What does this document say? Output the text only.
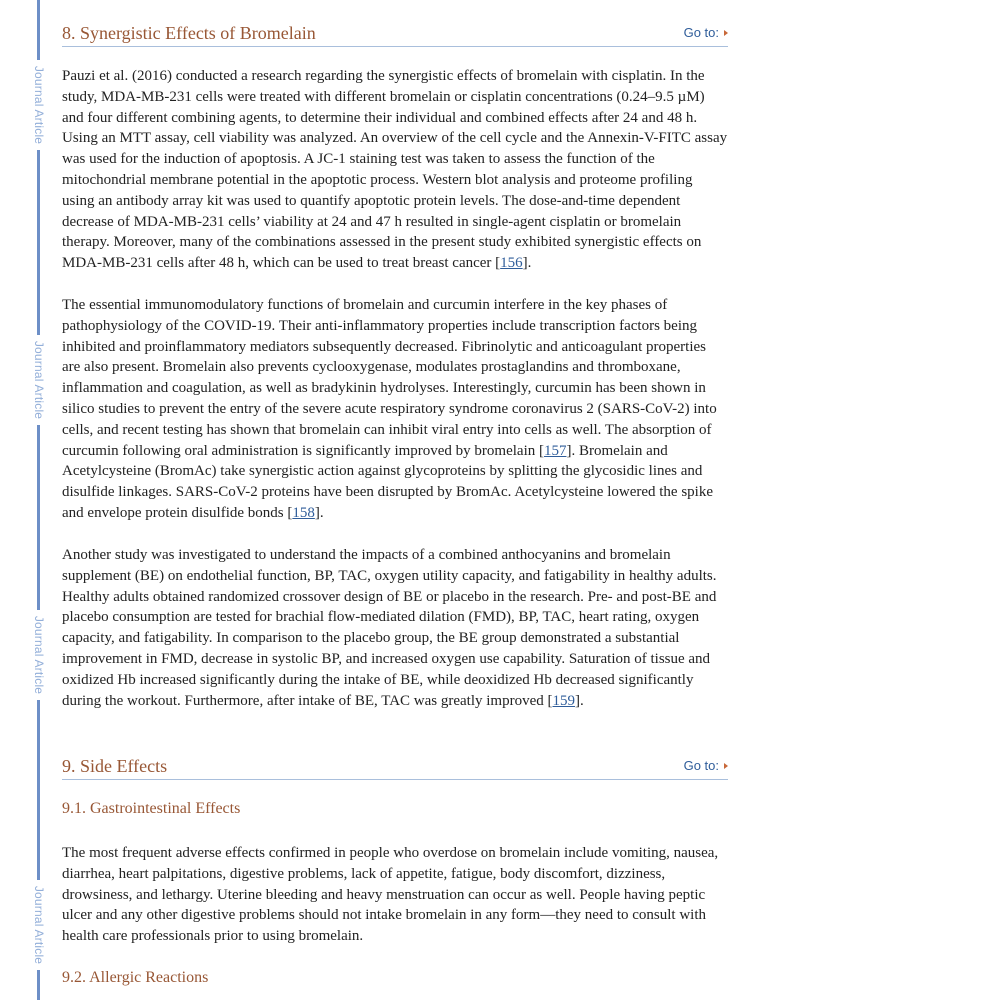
Journal Article
Journal Article
Journal Article
Journal Article
8. Synergistic Effects of Bromelain	Go to:

Pauzi et al. (2016) conducted a research regarding the synergistic effects of bromelain with cisplatin. In the study, MDA-MB-231 cells were treated with different bromelain or cisplatin concentrations (0.24–9.5 µM) and four different combining agents, to determine their individual and combined effects after 24 and 48 h. Using an MTT assay, cell viability was analyzed. An overview of the cell cycle and the Annexin-V-FITC assay was used for the induction of apoptosis. A JC-1 staining test was taken to assess the function of the mitochondrial membrane potential in the apoptotic process. Western blot analysis and proteome profiling using an antibody array kit was used to quantify apoptotic protein levels. The dose-and-time dependent decrease of MDA-MB-231 cells’ viability at 24 and 47 h resulted in single-agent cisplatin or bromelain therapy. Moreover, many of the combinations assessed in the present study exhibited synergistic effects on MDA-MB-231 cells after 48 h, which can be used to treat breast cancer [156].

The essential immunomodulatory functions of bromelain and curcumin interfere in the key phases of pathophysiology of the COVID-19. Their anti-inflammatory properties include transcription factors being inhibited and proinflammatory mediators subsequently decreased. Fibrinolytic and anticoagulant properties are also present. Bromelain also prevents cyclooxygenase, modulates prostaglandins and thromboxane, inflammation and coagulation, as well as bradykinin hydrolyses. Interestingly, curcumin has been shown in silico studies to prevent the entry of the severe acute respiratory syndrome coronavirus 2 (SARS-CoV-2) into cells, and recent testing has shown that bromelain can inhibit viral entry into cells as well. The absorption of curcumin following oral administration is significantly improved by bromelain [157]. Bromelain and Acetylcysteine (BromAc) take synergistic action against glycoproteins by splitting the glycosidic lines and disulfide linkages. SARS-CoV-2 proteins have been disrupted by BromAc. Acetylcysteine lowered the spike and envelope protein disulfide bonds [158].

Another study was investigated to understand the impacts of a combined anthocyanins and bromelain supplement (BE) on endothelial function, BP, TAC, oxygen utility capacity, and fatigability in healthy adults. Healthy adults obtained randomized crossover design of BE or placebo in the research. Pre- and post-BE and placebo consumption are tested for brachial flow-mediated dilation (FMD), BP, TAC, heart rating, oxygen capacity, and fatigability. In comparison to the placebo group, the BE group demonstrated a substantial improvement in FMD, decrease in systolic BP, and increased oxygen use capability. Saturation of tissue and oxidized Hb increased significantly during the intake of BE, while deoxidized Hb decreased significantly during the workout. Furthermore, after intake of BE, TAC was greatly improved [159].

9. Side Effects	Go to:
9.1. Gastrointestinal Effects

The most frequent adverse effects confirmed in people who overdose on bromelain include vomiting, nausea, diarrhea, heart palpitations, digestive problems, lack of appetite, fatigue, body discomfort, dizziness, drowsiness, and lethargy. Uterine bleeding and heavy menstruation can occur as well. People having peptic ulcer and any other digestive problems should not intake bromelain in any form—they need to consult with health care professionals prior to using bromelain.

9.2. Allergic Reactions
